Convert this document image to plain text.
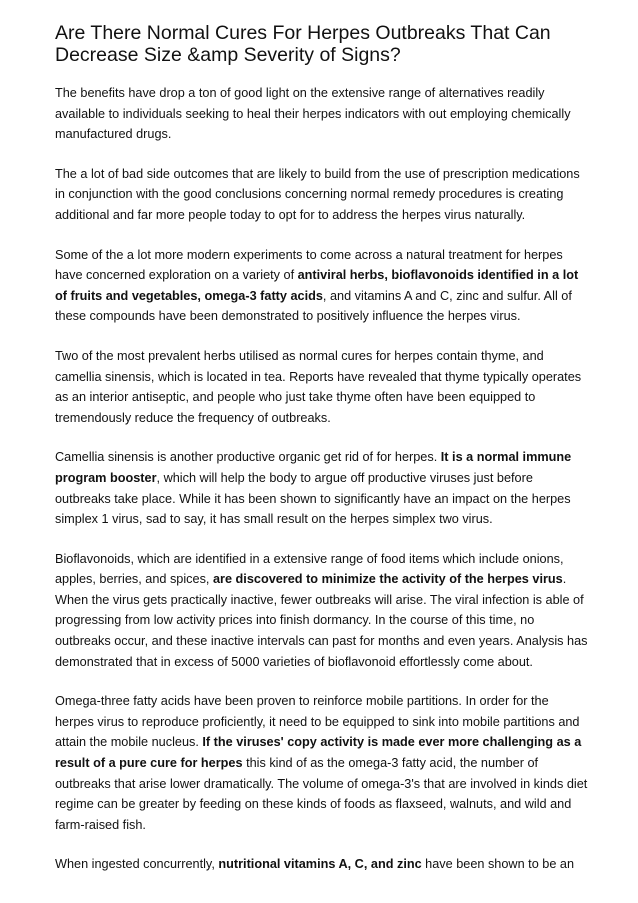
Are There Normal Cures For Herpes Outbreaks That Can Decrease Size &amp Severity of Signs?

The benefits have drop a ton of good light on the extensive range of alternatives readily available to individuals seeking to heal their herpes indicators with out employing chemically manufactured drugs.

The a lot of bad side outcomes that are likely to build from the use of prescription medications in conjunction with the good conclusions concerning normal remedy procedures is creating additional and far more people today to opt for to address the herpes virus naturally.

Some of the a lot more modern experiments to come across a natural treatment for herpes have concerned exploration on a variety of antiviral herbs, bioflavonoids identified in a lot of fruits and vegetables, omega-3 fatty acids, and vitamins A and C, zinc and sulfur. All of these compounds have been demonstrated to positively influence the herpes virus.

Two of the most prevalent herbs utilised as normal cures for herpes contain thyme, and camellia sinensis, which is located in tea. Reports have revealed that thyme typically operates as an interior antiseptic, and people who just take thyme often have been equipped to tremendously reduce the frequency of outbreaks.

Camellia sinensis is another productive organic get rid of for herpes. It is a normal immune program booster, which will help the body to argue off productive viruses just before outbreaks take place. While it has been shown to significantly have an impact on the herpes simplex 1 virus, sad to say, it has small result on the herpes simplex two virus.

Bioflavonoids, which are identified in a extensive range of food items which include onions, apples, berries, and spices, are discovered to minimize the activity of the herpes virus. When the virus gets practically inactive, fewer outbreaks will arise. The viral infection is able of progressing from low activity prices into finish dormancy. In the course of this time, no outbreaks occur, and these inactive intervals can past for months and even years. Analysis has demonstrated that in excess of 5000 varieties of bioflavonoid effortlessly come about.

Omega-three fatty acids have been proven to reinforce mobile partitions. In order for the herpes virus to reproduce proficiently, it need to be equipped to sink into mobile partitions and attain the mobile nucleus. If the viruses' copy activity is made ever more challenging as a result of a pure cure for herpes this kind of as the omega-3 fatty acid, the number of outbreaks that arise lower dramatically. The volume of omega-3's that are involved in kinds diet regime can be greater by feeding on these kinds of foods as flaxseed, walnuts, and wild and farm-raised fish.

When ingested concurrently, nutritional vitamins A, C, and zinc have been shown to be an
